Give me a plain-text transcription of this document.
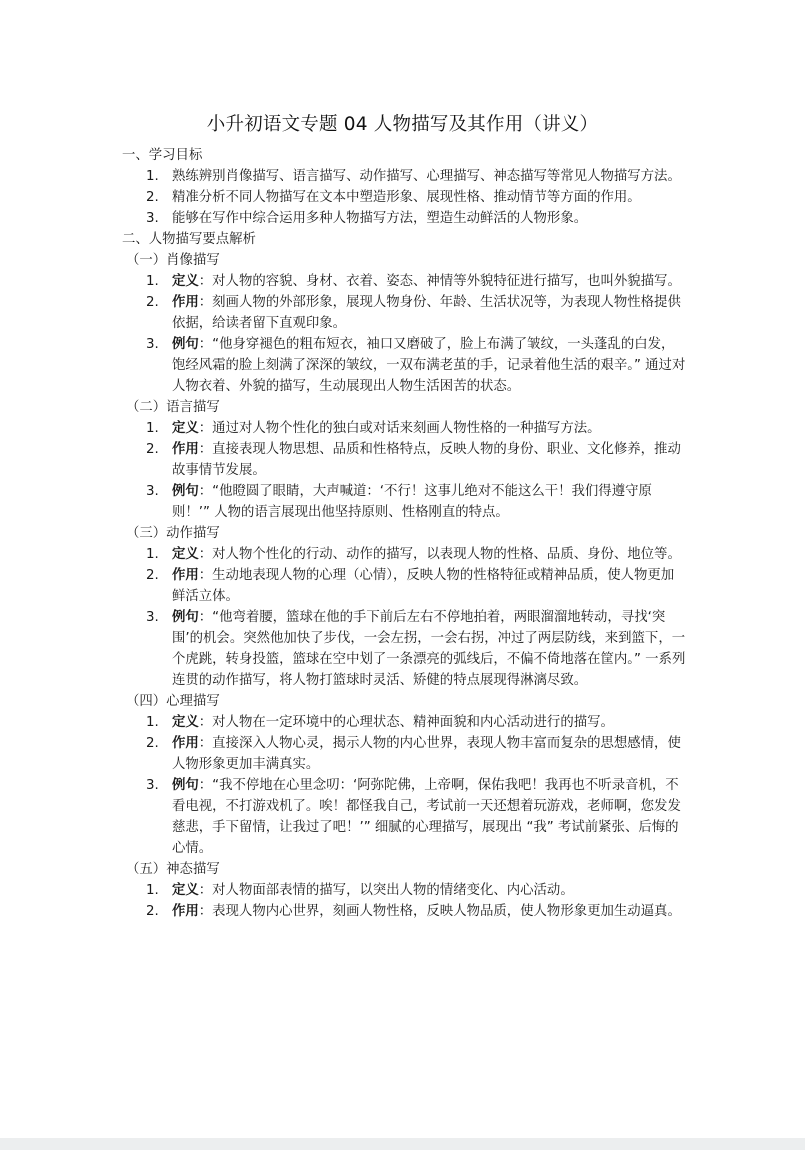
小升初语文专题 04 人物描写及其作用（讲义）
一、学习目标
1. 熟练辨别肖像描写、语言描写、动作描写、心理描写、神态描写等常见人物描写方法。
2. 精准分析不同人物描写在文本中塑造形象、展现性格、推动情节等方面的作用。
3. 能够在写作中综合运用多种人物描写方法，塑造生动鲜活的人物形象。
二、人物描写要点解析
（一）肖像描写
1. 定义：对人物的容貌、身材、衣着、姿态、神情等外貌特征进行描写，也叫外貌描写。
2. 作用：刻画人物的外部形象，展现人物身份、年龄、生活状况等，为表现人物性格提供依据，给读者留下直观印象。
3. 例句：“他身穿褪色的粗布短衣，袖口又磨破了，脸上布满了皱纹，一头蓬乱的白发，饱经风霜的脸上刻满了深深的皱纹，一双布满老茧的手，记录着他生活的艰辛。” 通过对人物衣着、外貌的描写，生动展现出人物生活困苦的状态。
（二）语言描写
1. 定义：通过对人物个性化的独白或对话来刻画人物性格的一种描写方法。
2. 作用：直接表现人物思想、品质和性格特点，反映人物的身份、职业、文化修养，推动故事情节发展。
3. 例句：“他瞪圆了眼睛，大声喊道：‘不行！这事儿绝对不能这么干！我们得遵守原则！’” 人物的语言展现出他坚持原则、性格刚直的特点。
（三）动作描写
1. 定义：对人物个性化的行动、动作的描写，以表现人物的性格、品质、身份、地位等。
2. 作用：生动地表现人物的心理（心情），反映人物的性格特征或精神品质，使人物更加鲜活立体。
3. 例句：“他弯着腰，篮球在他的手下前后左右不停地拍着，两眼溜溜地转动，寻找‘突围’的机会。突然他加快了步伐，一会左拐，一会右拐，冲过了两层防线，来到篮下，一个虎跳，转身投篮，篮球在空中划了一条漂亮的弧线后，不偏不倚地落在筐内。” 一系列连贯的动作描写，将人物打篮球时灵活、矫健的特点展现得淋漓尽致。
（四）心理描写
1. 定义：对人物在一定环境中的心理状态、精神面貌和内心活动进行的描写。
2. 作用：直接深入人物心灵，揭示人物的内心世界，表现人物丰富而复杂的思想感情，使人物形象更加丰满真实。
3. 例句：“我不停地在心里念叨：‘阿弥陀佛，上帝啊，保佑我吧！我再也不听录音机，不看电视，不打游戏机了。唉！都怪我自己，考试前一天还想着玩游戏，老师啊，您发发慈悲，手下留情，让我过了吧！’” 细腻的心理描写，展现出 “我” 考试前紧张、后悔的心情。
（五）神态描写
1. 定义：对人物面部表情的描写，以突出人物的情绪变化、内心活动。
2. 作用：表现人物内心世界，刻画人物性格，反映人物品质，使人物形象更加生动逼真。
